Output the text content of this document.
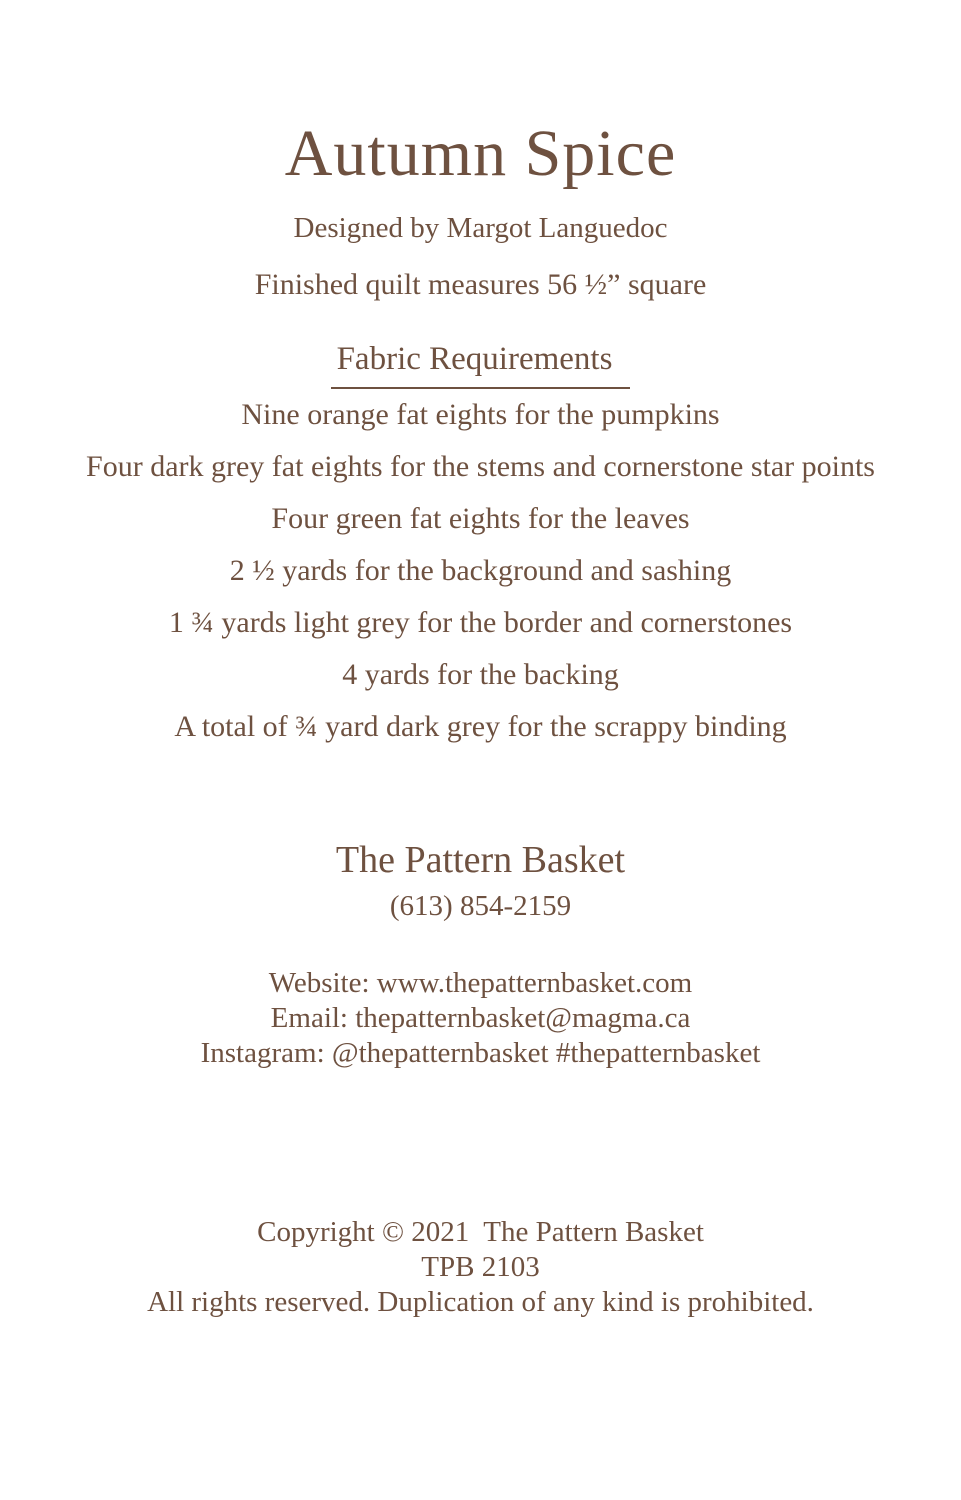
Autumn Spice

Designed by Margot Languedoc

Finished quilt measures 56 ½” square

Fabric Requirements

Nine orange fat eights for the pumpkins

Four dark grey fat eights for the stems and cornerstone star points

Four green fat eights for the leaves

2 ½ yards for the background and sashing

1 ¾ yards light grey for the border and cornerstones

4 yards for the backing

A total of ¾ yard dark grey for the scrappy binding

The Pattern Basket

(613) 854-2159

Website: www.thepatternbasket.com

Email: thepatternbasket@magma.ca

Instagram: @thepatternbasket #thepatternbasket

Copyright © 2021  The Pattern Basket

TPB 2103

All rights reserved. Duplication of any kind is prohibited.
